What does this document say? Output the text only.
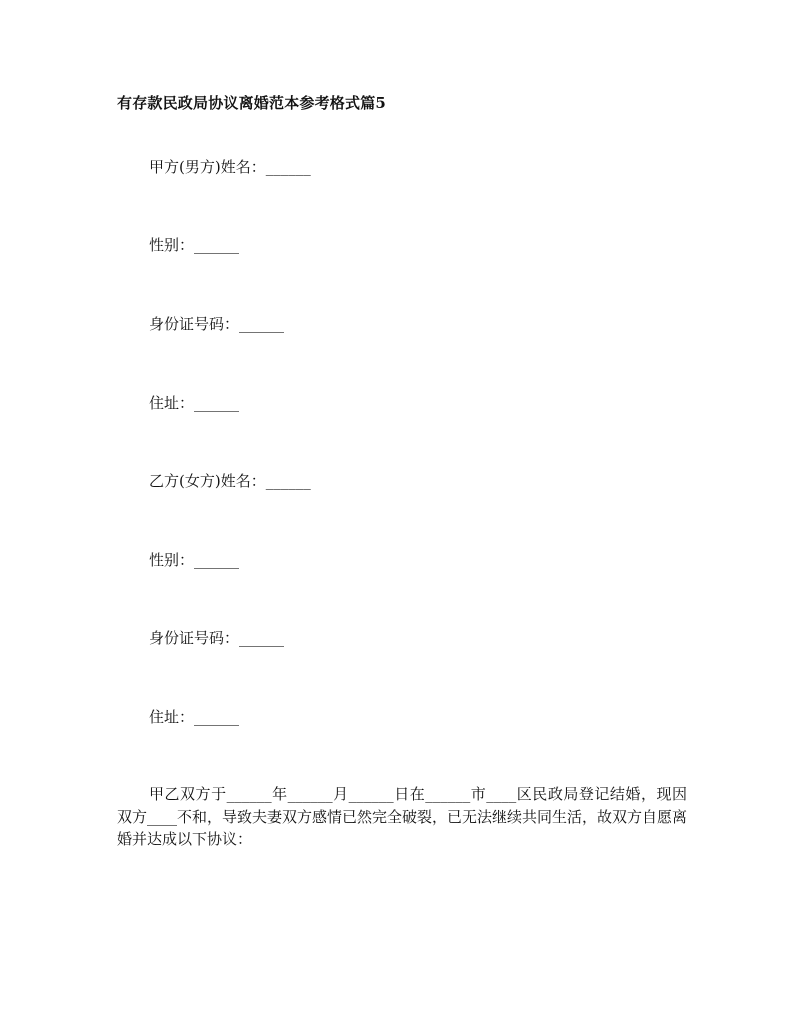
有存款民政局协议离婚范本参考格式篇5
甲方(男方)姓名：______
性别：______
身份证号码：______
住址：______
乙方(女方)姓名：______
性别：______
身份证号码：______
住址：______
甲乙双方于______年______月______日在______市____区民政局登记结婚，现因双方____不和，导致夫妻双方感情已然完全破裂，已无法继续共同生活，故双方自愿离婚并达成以下协议：
